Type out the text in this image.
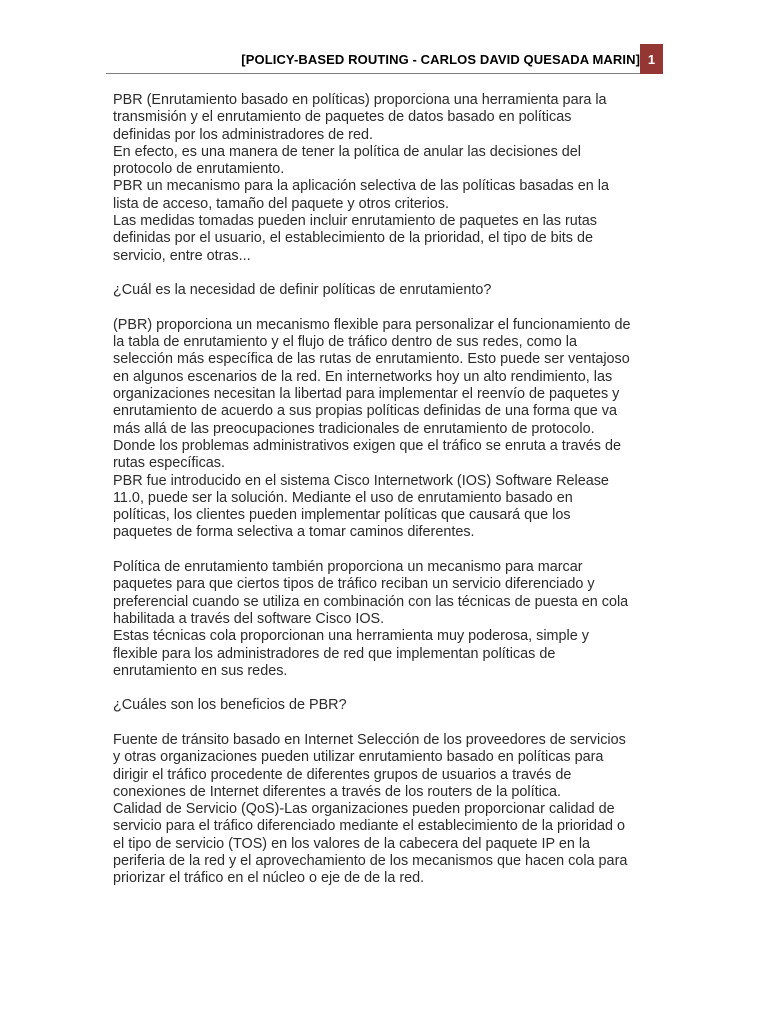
[POLICY-BASED ROUTING - CARLOS DAVID QUESADA MARIN] 1
PBR (Enrutamiento basado en políticas) proporciona una herramienta para la
transmisión y el enrutamiento de paquetes de datos basado en políticas
definidas por los administradores de red.
En efecto, es una manera de tener la política de anular las decisiones del
protocolo de enrutamiento.
PBR un mecanismo para la aplicación selectiva de las políticas basadas en la
lista de acceso, tamaño del paquete y otros criterios.
Las medidas tomadas pueden incluir enrutamiento de paquetes en las rutas
definidas por el usuario, el establecimiento de la prioridad, el tipo de bits de
servicio, entre otras...
¿Cuál es la necesidad de definir políticas de enrutamiento?
(PBR) proporciona un mecanismo flexible para personalizar el funcionamiento de
la tabla de enrutamiento y el flujo de tráfico dentro de sus redes, como la
selección más específica de las rutas de enrutamiento. Esto puede ser ventajoso
en algunos escenarios de la red. En internetworks hoy un alto rendimiento, las
organizaciones necesitan la libertad para implementar el reenvío de paquetes y
enrutamiento de acuerdo a sus propias políticas definidas de una forma que va
más allá de las preocupaciones tradicionales de enrutamiento de protocolo.
Donde los problemas administrativos exigen que el tráfico se enruta a través de
rutas específicas.
PBR fue introducido en el sistema Cisco Internetwork (IOS) Software Release
11.0, puede ser la solución. Mediante el uso de enrutamiento basado en
políticas, los clientes pueden implementar políticas que causará que los
paquetes de forma selectiva a tomar caminos diferentes.
Política de enrutamiento también proporciona un mecanismo para marcar
paquetes para que ciertos tipos de tráfico reciban un servicio diferenciado y
preferencial cuando se utiliza en combinación con las técnicas de puesta en cola
habilitada a través del software Cisco IOS.
Estas técnicas cola proporcionan una herramienta muy poderosa, simple y
flexible para los administradores de red que implementan políticas de
enrutamiento en sus redes.
¿Cuáles son los beneficios de PBR?
Fuente de tránsito basado en Internet Selección de los proveedores de servicios
y otras organizaciones pueden utilizar enrutamiento basado en políticas para
dirigir el tráfico procedente de diferentes grupos de usuarios a través de
conexiones de Internet diferentes a través de los routers de la política.
Calidad de Servicio (QoS)-Las organizaciones pueden proporcionar calidad de
servicio para el tráfico diferenciado mediante el establecimiento de la prioridad o
el tipo de servicio (TOS) en los valores de la cabecera del paquete IP en la
periferia de la red y el aprovechamiento de los mecanismos que hacen cola para
priorizar el tráfico en el núcleo o eje de de la red.
